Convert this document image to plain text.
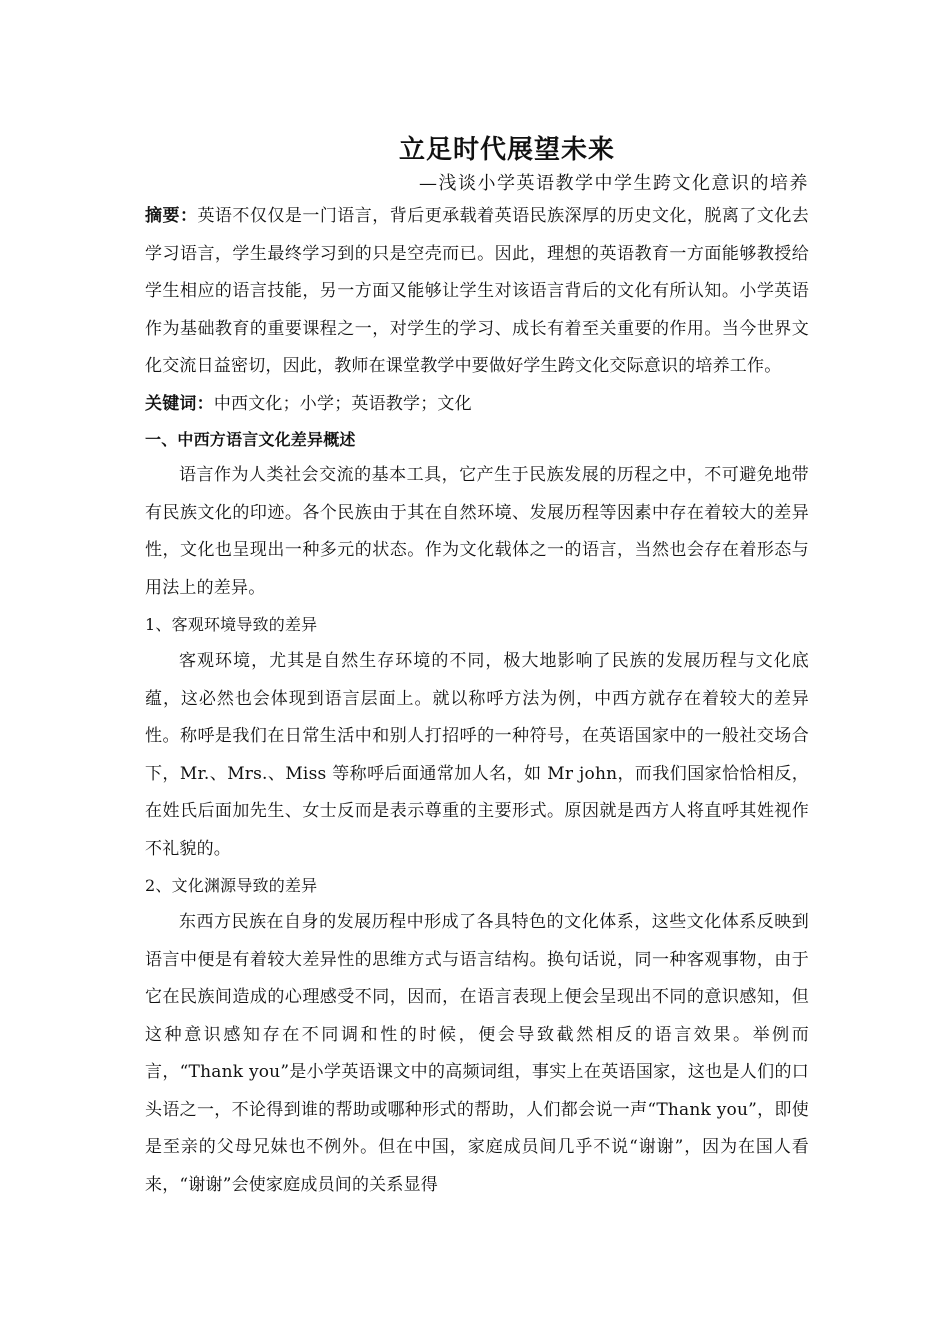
立足时代展望未来
—浅谈小学英语教学中学生跨文化意识的培养

摘要：英语不仅仅是一门语言，背后更承载着英语民族深厚的历史文化，脱离了文化去学习语言，学生最终学习到的只是空壳而已。因此，理想的英语教育一方面能够教授给学生相应的语言技能，另一方面又能够让学生对该语言背后的文化有所认知。小学英语作为基础教育的重要课程之一，对学生的学习、成长有着至关重要的作用。当今世界文化交流日益密切，因此，教师在课堂教学中要做好学生跨文化交际意识的培养工作。

关键词：中西文化；小学；英语教学；文化

一、中西方语言文化差异概述

语言作为人类社会交流的基本工具，它产生于民族发展的历程之中，不可避免地带有民族文化的印迹。各个民族由于其在自然环境、发展历程等因素中存在着较大的差异性，文化也呈现出一种多元的状态。作为文化载体之一的语言，当然也会存在着形态与用法上的差异。

1、客观环境导致的差异

客观环境，尤其是自然生存环境的不同，极大地影响了民族的发展历程与文化底蕴，这必然也会体现到语言层面上。就以称呼方法为例，中西方就存在着较大的差异性。称呼是我们在日常生活中和别人打招呼的一种符号，在英语国家中的一般社交场合下，Mr.、Mrs.、Miss 等称呼后面通常加人名，如 Mr john，而我们国家恰恰相反，在姓氏后面加先生、女士反而是表示尊重的主要形式。原因就是西方人将直呼其姓视作不礼貌的。

2、文化渊源导致的差异

东西方民族在自身的发展历程中形成了各具特色的文化体系，这些文化体系反映到语言中便是有着较大差异性的思维方式与语言结构。换句话说，同一种客观事物，由于它在民族间造成的心理感受不同，因而，在语言表现上便会呈现出不同的意识感知，但这种意识感知存在不同调和性的时候，便会导致截然相反的语言效果。举例而言，“Thank you”是小学英语课文中的高频词组，事实上在英语国家，这也是人们的口头语之一，不论得到谁的帮助或哪种形式的帮助，人们都会说一声“Thank you”，即使是至亲的父母兄妹也不例外。但在中国，家庭成员间几乎不说“谢谢”，因为在国人看来，“谢谢”会使家庭成员间的关系显得
